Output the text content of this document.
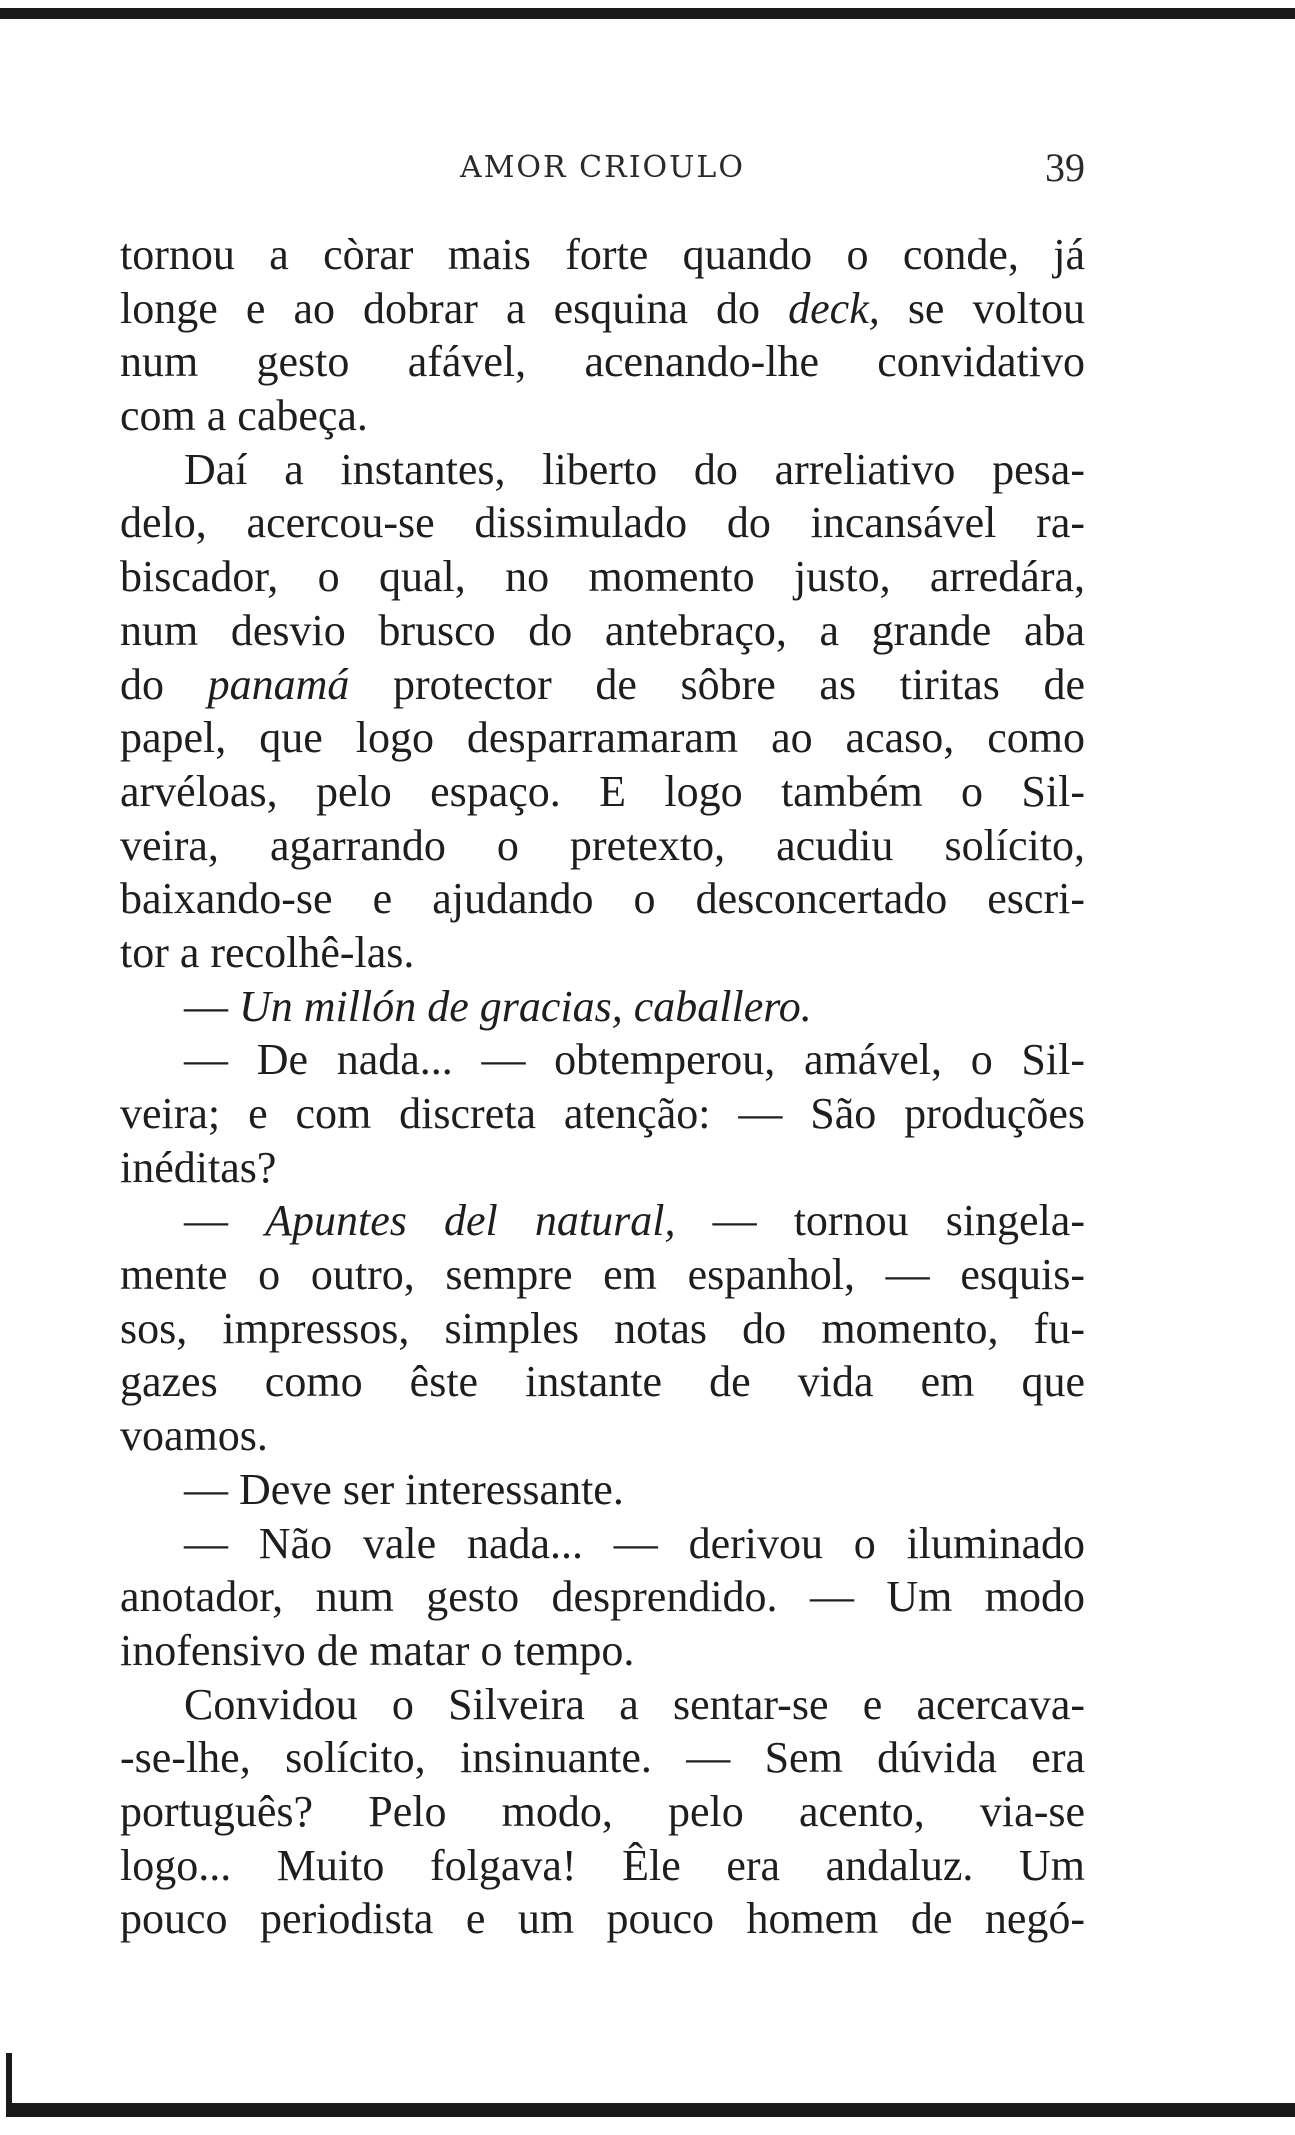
AMOR CRIOULO	39
tornou a còrar mais forte quando o conde, já
longe e ao dobrar a esquina do deck, se voltou
num gesto afável, acenando-lhe convidativo
com a cabeça.
Daí a instantes, liberto do arreliativo pesa-
delo, acercou-se dissimulado do incansável ra-
biscador, o qual, no momento justo, arredára,
num desvio brusco do antebraço, a grande aba
do panamá protector de sôbre as tiritas de
papel, que logo desparramaram ao acaso, como
arvéloas, pelo espaço. E logo também o Sil-
veira, agarrando o pretexto, acudiu solícito,
baixando-se e ajudando o desconcertado escri-
tor a recolhê-las.
— Un millón de gracias, caballero.
— De nada... — obtemperou, amável, o Sil-
veira; e com discreta atenção: — São produções
inéditas?
— Apuntes del natural, — tornou singela-
mente o outro, sempre em espanhol, — esquis-
sos, impressos, simples notas do momento, fu-
gazes como êste instante de vida em que
voamos.
— Deve ser interessante.
— Não vale nada... — derivou o iluminado
anotador, num gesto desprendido. — Um modo
inofensivo de matar o tempo.
Convidou o Silveira a sentar-se e acercava-
-se-lhe, solícito, insinuante. — Sem dúvida era
português? Pelo modo, pelo acento, via-se
logo... Muito folgava! Êle era andaluz. Um
pouco periodista e um pouco homem de negó-
